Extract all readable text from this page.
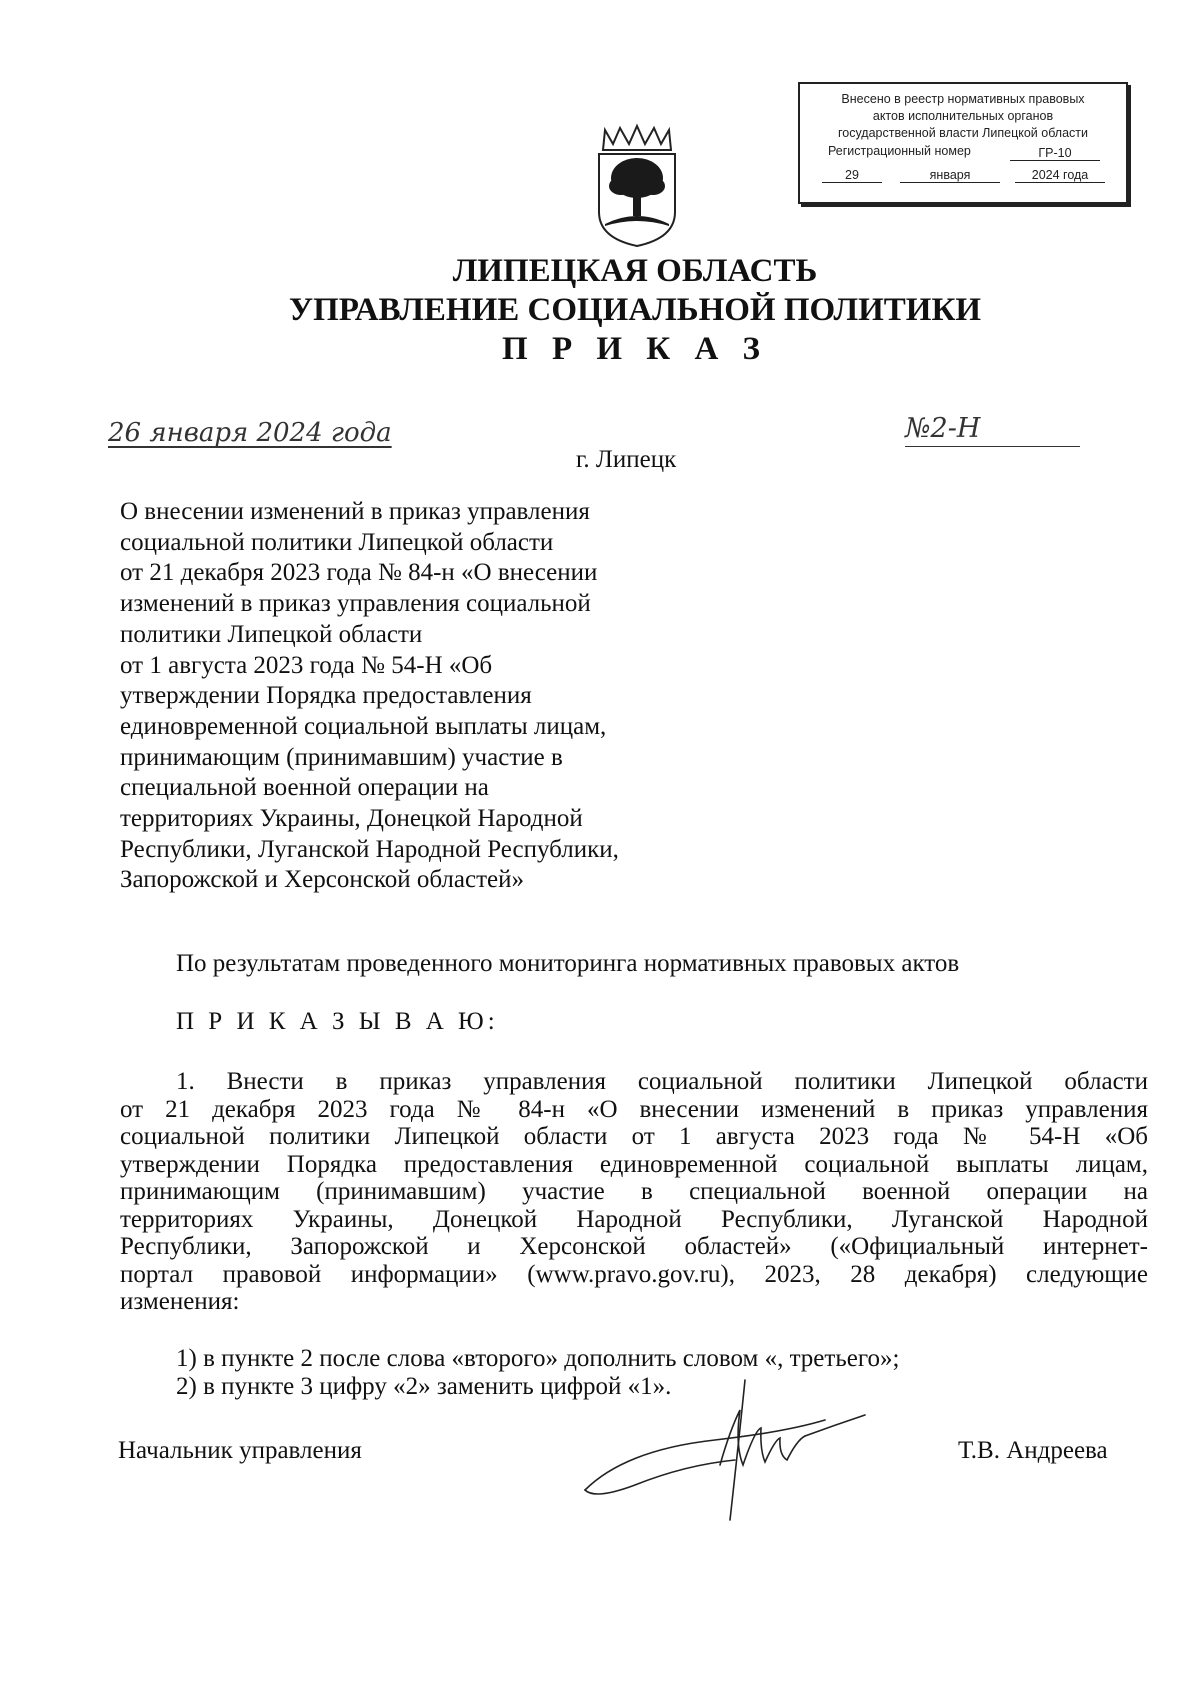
Внесено в реестр нормативных правовых
актов исполнительных органов
государственной власти Липецкой области
Регистрационный номер	ГР-10
29	января	2024 года
ЛИПЕЦКАЯ ОБЛАСТЬ
УПРАВЛЕНИЕ СОЦИАЛЬНОЙ ПОЛИТИКИ
П Р И К А З
26 января 2024 года	№2-Н
г. Липецк
О внесении изменений в приказ управления
социальной политики Липецкой области
от 21 декабря 2023 года № 84-н «О внесении
изменений в приказ управления социальной
политики Липецкой области
от 1 августа 2023 года № 54-Н «Об
утверждении Порядка предоставления
единовременной социальной выплаты лицам,
принимающим (принимавшим) участие в
специальной военной операции на
территориях Украины, Донецкой Народной
Республики, Луганской Народной Республики,
Запорожской и Херсонской областей»
По результатам проведенного мониторинга нормативных правовых актов
П Р И К А З Ы В А Ю:
1. Внести в приказ управления социальной политики Липецкой области
от 21 декабря 2023 года № 84-н «О внесении изменений в приказ управления
социальной политики Липецкой области от 1 августа 2023 года № 54-Н «Об
утверждении Порядка предоставления единовременной социальной выплаты лицам,
принимающим (принимавшим) участие в специальной военной операции на
территориях Украины, Донецкой Народной Республики, Луганской Народной
Республики, Запорожской и Херсонской областей» («Официальный интернет-
портал правовой информации» (www.pravo.gov.ru), 2023, 28 декабря) следующие
изменения:
1) в пункте 2 после слова «второго» дополнить словом «, третьего»;
2) в пункте 3 цифру «2» заменить цифрой «1».
Начальник управления	Т.В. Андреева
